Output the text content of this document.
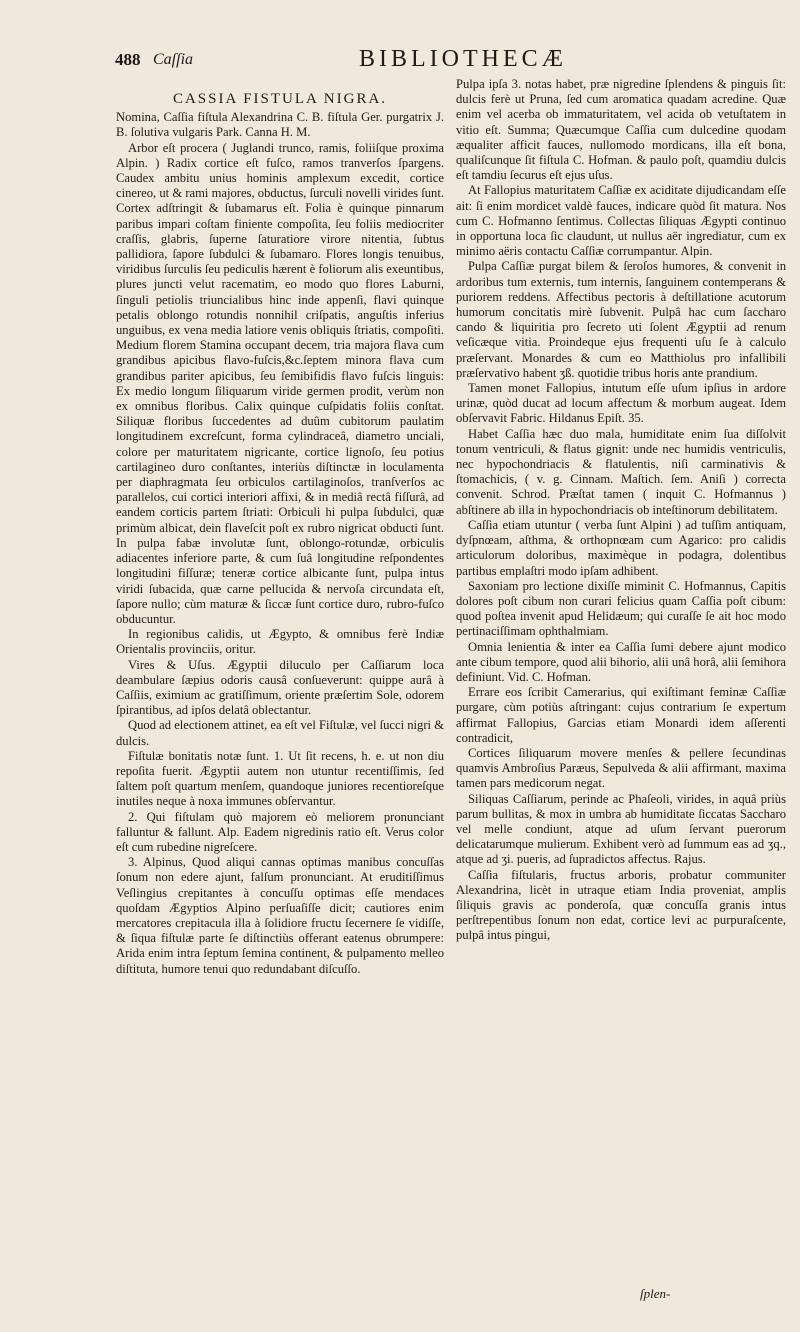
488 Caſſia	BIBLIOTHECÆ
CASSIA FISTULA NIGRA.

Nomina, Caſſia fiſtula Alexandrina C. B. fiſtula Ger. purgatrix J. B. ſolutiva vulgaris Park. Canna H. M.

Arbor eſt procera ( Juglandi trunco, ramis, foliiſque proxima Alpin. ) Radix cortice eſt fuſco, ramos tranverſos ſpargens. Caudex ambitu unius hominis amplexum excedit, cortice cinereo, ut & rami majores, obductus, ſurculi novelli virides ſunt. Cortex adſtringit & ſubamarus eſt. Folia è quinque pinnarum paribus impari coſtam finiente compoſita, ſeu foliis mediocriter craſſis, glabris, ſuperne ſaturatiore virore nitentia, ſubtus pallidiora, ſapore ſubdulci & ſubamaro. Flores longis tenuibus, viridibus ſurculis ſeu pediculis hærent è foliorum alis exeuntibus, plures juncti velut racematim, eo modo quo flores Laburni, ſinguli petiolis triuncialibus hinc inde appenſi, flavi quinque petalis oblongo rotundis nonnihil criſpatis, anguſtis inferius unguibus, ex vena media latiore venis obliquis ſtriatis, compoſiti. Medium florem Stamina occupant decem, tria majora flava cum grandibus apicibus flavo-fuſcis,&c.ſeptem minora flava cum grandibus pariter apicibus, ſeu ſemibifidis flavo fuſcis linguis: Ex medio longum ſiliquarum viride germen prodit, verùm non ex omnibus floribus. Calix quinque cuſpidatis foliis conſtat. Siliquæ floribus ſuccedentes ad duûm cubitorum paulatim longitudinem excreſcunt, forma cylindraceâ, diametro unciali, colore per maturitatem nigricante, cortice lignoſo, ſeu potius cartilagineo duro conſtantes, interiùs diſtinctæ in loculamenta per diaphragmata ſeu orbiculos cartilaginoſos, tranſverſos ac parallelos, cui cortici interiori affixi, & in mediâ rectâ fiſſurâ, ad eandem corticis partem ſtriati: Orbiculi hi pulpa ſubdulci, quæ primùm albicat, dein flaveſcit poſt ex rubro nigricat obducti ſunt. In pulpa fabæ involutæ ſunt, oblongo-rotundæ, orbiculis adiacentes inferiore parte, & cum ſuâ longitudine reſpondentes longitudini fiſſuræ; teneræ cortice albicante ſunt, pulpa intus viridi ſubacida, quæ carne pellucida & nervoſa circundata eſt, ſapore nullo; cùm maturæ & ſiccæ ſunt cortice duro, rubro-fuſco obducuntur.

In regionibus calidis, ut Ægypto, & omnibus ferè Indiæ Orientalis provinciis, oritur.

Vires & Uſus. Ægyptii diluculo per Caſſiarum loca deambulare ſæpius odoris causâ conſueverunt: quippe aurâ à Caſſiis, eximium ac gratiſſimum, oriente præſertim Sole, odorem ſpirantibus, ad ipſos delatâ oblectantur.

Quod ad electionem attinet, ea eſt vel Fiſtulæ, vel ſucci nigri & dulcis.

Fiſtulæ bonitatis notæ ſunt. 1. Ut ſit recens, h. e. ut non diu repoſita fuerit. Ægyptii autem non utuntur recentiſſimis, ſed ſaltem poſt quartum menſem, quandoque juniores recentioreſque inutiles neque à noxa immunes obſervantur.

2. Qui fiſtulam quò majorem eò meliorem pronunciant falluntur & fallunt. Alp. Eadem nigredinis ratio eſt. Verus color eſt cum rubedine nigreſcere.

3. Alpinus, Quod aliqui cannas optimas manibus concuſſas ſonum non edere ajunt, falſum pronunciant. At eruditiſſimus Veſlingius crepitantes à concuſſu optimas eſſe mendaces quoſdam Ægyptios Alpino perſuaſiſſe dicit; cautiores enim mercatores crepitacula illa à ſolidiore fructu ſecernere ſe vidiſſe, & ſiqua fiſtulæ parte ſe diſtinctiùs offerant eatenus obrumpere: Arida enim intra ſeptum ſemina continent, & pulpamento melleo diſtituta, humore tenui quo redundabant diſcuſſo.

Pulpa ipſa 3. notas habet, præ nigredine ſplendens & pinguis ſit: dulcis ferè ut Pruna, ſed cum aromatica quadam acredine. Quæ enim vel acerba ob immaturitatem, vel acida ob vetuſtatem in vitio eſt. Summa; Quæcumque Caſſia cum dulcedine quodam æqualiter afficit fauces, nullomodo mordicans, illa eſt bona, qualiſcunque ſit fiſtula C. Hofman. & paulo poſt, quamdiu dulcis eſt tamdiu ſecurus eſt ejus uſus.

At Fallopius maturitatem Caſſiæ ex aciditate dijudicandam eſſe ait: ſi enim mordicet valdè fauces, indicare quòd ſit matura. Nos cum C. Hofmanno ſentimus. Collectas ſiliquas Ægypti continuo in opportuna loca ſic claudunt, ut nullus aër ingrediatur, cum ex minimo aëris contactu Caſſiæ corrumpantur. Alpin.

Pulpa Caſſiæ purgat bilem & ſeroſos humores, & convenit in ardoribus tum externis, tum internis, ſanguinem contemperans & puriorem reddens. Affectibus pectoris à deſtillatione acutorum humorum concitatis mirè ſubvenit. Pulpâ hac cum ſaccharo cando & liquiritia pro ſecreto uti ſolent Ægyptii ad renum veſicæque vitia. Proindeque ejus frequenti uſu ſe à calculo præſervant. Monardes & cum eo Matthiolus pro infallibili præſervativo habent ʒß. quotidie tribus horis ante prandium.

Tamen monet Fallopius, intutum eſſe uſum ipſius in ardore urinæ, quòd ducat ad locum affectum & morbum augeat. Idem obſervavit Fabric. Hildanus Epiſt. 35.

Habet Caſſia hæc duo mala, humiditate enim ſua diſſolvit tonum ventriculi, & flatus gignit: unde nec humidis ventriculis, nec hypochondriacis & flatulentis, niſi carminativis & ſtomachicis, ( v. g. Cinnam. Maſtich. ſem. Aniſi ) correcta convenit. Schrod. Præſtat tamen ( inquit C. Hofmannus ) abſtinere ab illa in hypochondriacis ob inteſtinorum debilitatem.

Caſſia etiam utuntur ( verba ſunt Alpini ) ad tuſſim antiquam, dyſpnœam, aſthma, & orthopnœam cum Agarico: pro calidis articulorum doloribus, maximèque in podagra, dolentibus partibus emplaſtri modo ipſam adhibent.

Saxoniam pro lectione dixiſſe miminit C. Hofmannus, Capitis dolores poſt cibum non curari felicius quam Caſſia poſt cibum: quod poſtea invenit apud Helidæum; qui curaſſe ſe ait hoc modo pertinaciſſimam ophthalmiam.

Omnia lenientia & inter ea Caſſia ſumi debere ajunt modico ante cibum tempore, quod alii bihorio, alii unâ horâ, alii ſemihora definiunt. Vid. C. Hofman.

Errare eos ſcribit Camerarius, qui exiſtimant feminæ Caſſiæ purgare, cùm potiùs aſtringant: cujus contrarium ſe expertum affirmat Fallopius, Garcias etiam Monardi idem aſſerenti contradicit,

Cortices ſiliquarum movere menſes & pellere ſecundinas quamvis Ambroſius Paræus, Sepulveda & alii affirmant, maxima tamen pars medicorum negat.

Siliquas Caſſiarum, perinde ac Phaſeoli, virides, in aquâ priùs parum bullitas, & mox in umbra ab humiditate ſiccatas Saccharo vel melle condiunt, atque ad uſum ſervant puerorum delicatarumque mulierum. Exhibent verò ad ſummum eas ad ʒq., atque ad ʒi. pueris, ad ſupradictos affectus. Rajus.

Caſſia fiſtularis, fructus arboris, probatur communiter Alexandrina, licèt in utraque etiam India proveniat, amplis ſiliquis gravis ac ponderoſa, quæ concuſſa granis intus perſtrepentibus ſonum non edat, cortice levi ac purpuraſcente, pulpâ intus pingui,

ſplen-
